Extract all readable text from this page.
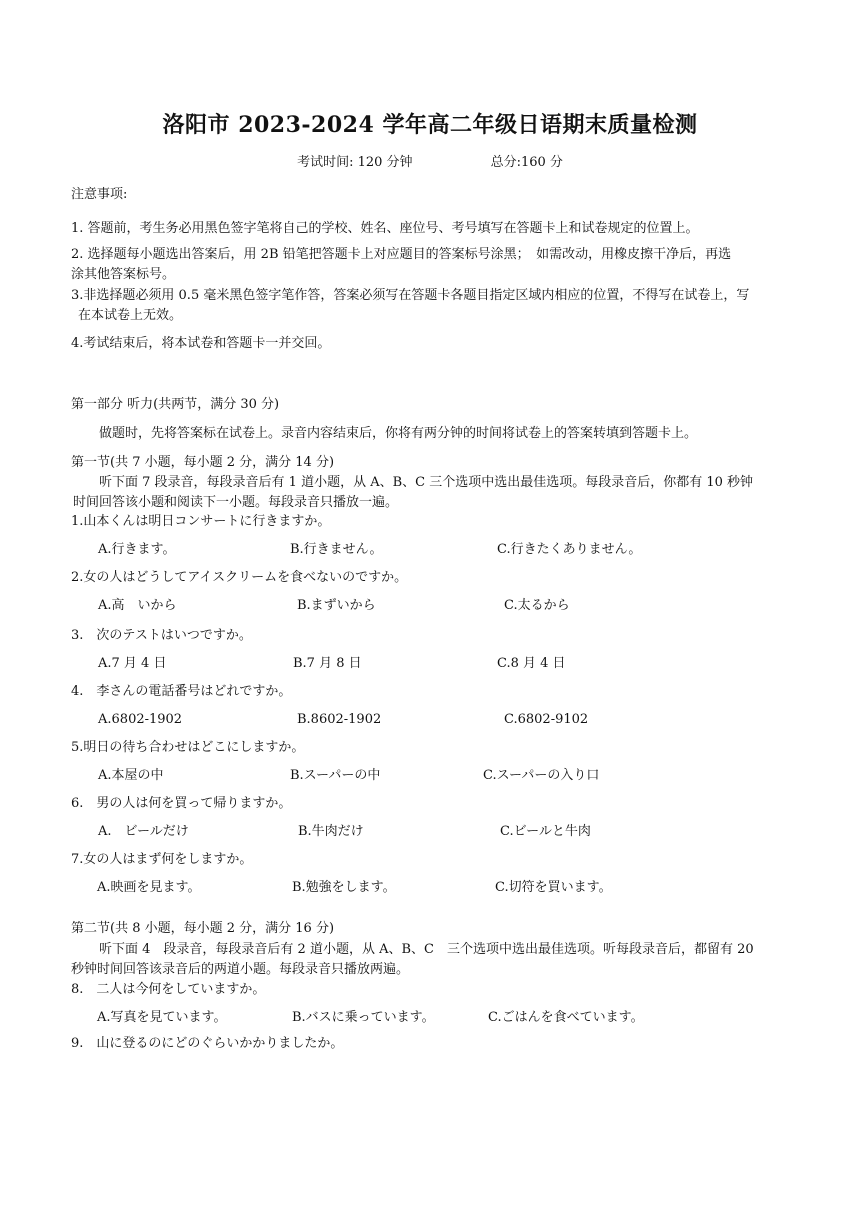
洛阳市 2023-2024 学年高二年级日语期末质量检测
考试时间: 120 分钟	总分:160 分
注意事项:
1. 答题前，考生务必用黑色签字笔将自己的学校、姓名、座位号、考号填写在答题卡上和试卷规定的位置上。
2. 选择题每小题选出答案后，用 2B 铅笔把答题卡上对应题目的答案标号涂黑；　如需改动，用橡皮擦干净后，再选
涂其他答案标号。
3.非选择题必须用 0.5 毫米黑色签字笔作答，答案必须写在答题卡各题目指定区域内相应的位置，不得写在试卷上，写
在本试卷上无效。
4.考试结束后，将本试卷和答题卡一并交回。
第一部分 听力(共两节，满分 30 分)
做题时，先将答案标在试卷上。录音内容结束后，你将有两分钟的时间将试卷上的答案转填到答题卡上。
第一节(共 7 小题，每小题 2 分，满分 14 分)
听下面 7 段录音，每段录音后有 1 道小题，从 A、B、C 三个选项中选出最佳选项。每段录音后，你都有 10 秒钟
时间回答该小题和阅读下一小题。每段录音只播放一遍。
1.山本くんは明日コンサートに行きますか。
A.行きます。	B.行きません。	C.行きたくありません。
2.女の人はどうしてアイスクリームを食べないのですか。
A.高　いから	B.まずいから	C.太るから
3.　次のテストはいつですか。
A.7 月 4 日	B.7 月 8 日	C.8 月 4 日
4.　李さんの電話番号はどれですか。
A.6802-1902	B.8602-1902	C.6802-9102
5.明日の待ち合わせはどこにしますか。
A.本屋の中	B.スーパーの中	C.スーパーの入り口
6.　男の人は何を買って帰りますか。
A.　ビールだけ	B.牛肉だけ	C.ビールと牛肉
7.女の人はまず何をしますか。
A.映画を見ます。	B.勉強をします。	C.切符を買います。
第二节(共 8 小题，每小题 2 分，满分 16 分)
听下面 4　段录音，每段录音后有 2 道小题，从 A、B、C　三个选项中选出最佳选项。听每段录音后，都留有 20
秒钟时间回答该录音后的两道小题。每段录音只播放两遍。
8.　二人は今何をしていますか。
A.写真を見ています。	B.バスに乗っています。	C.ごはんを食べています。
9.　山に登るのにどのぐらいかかりましたか。
